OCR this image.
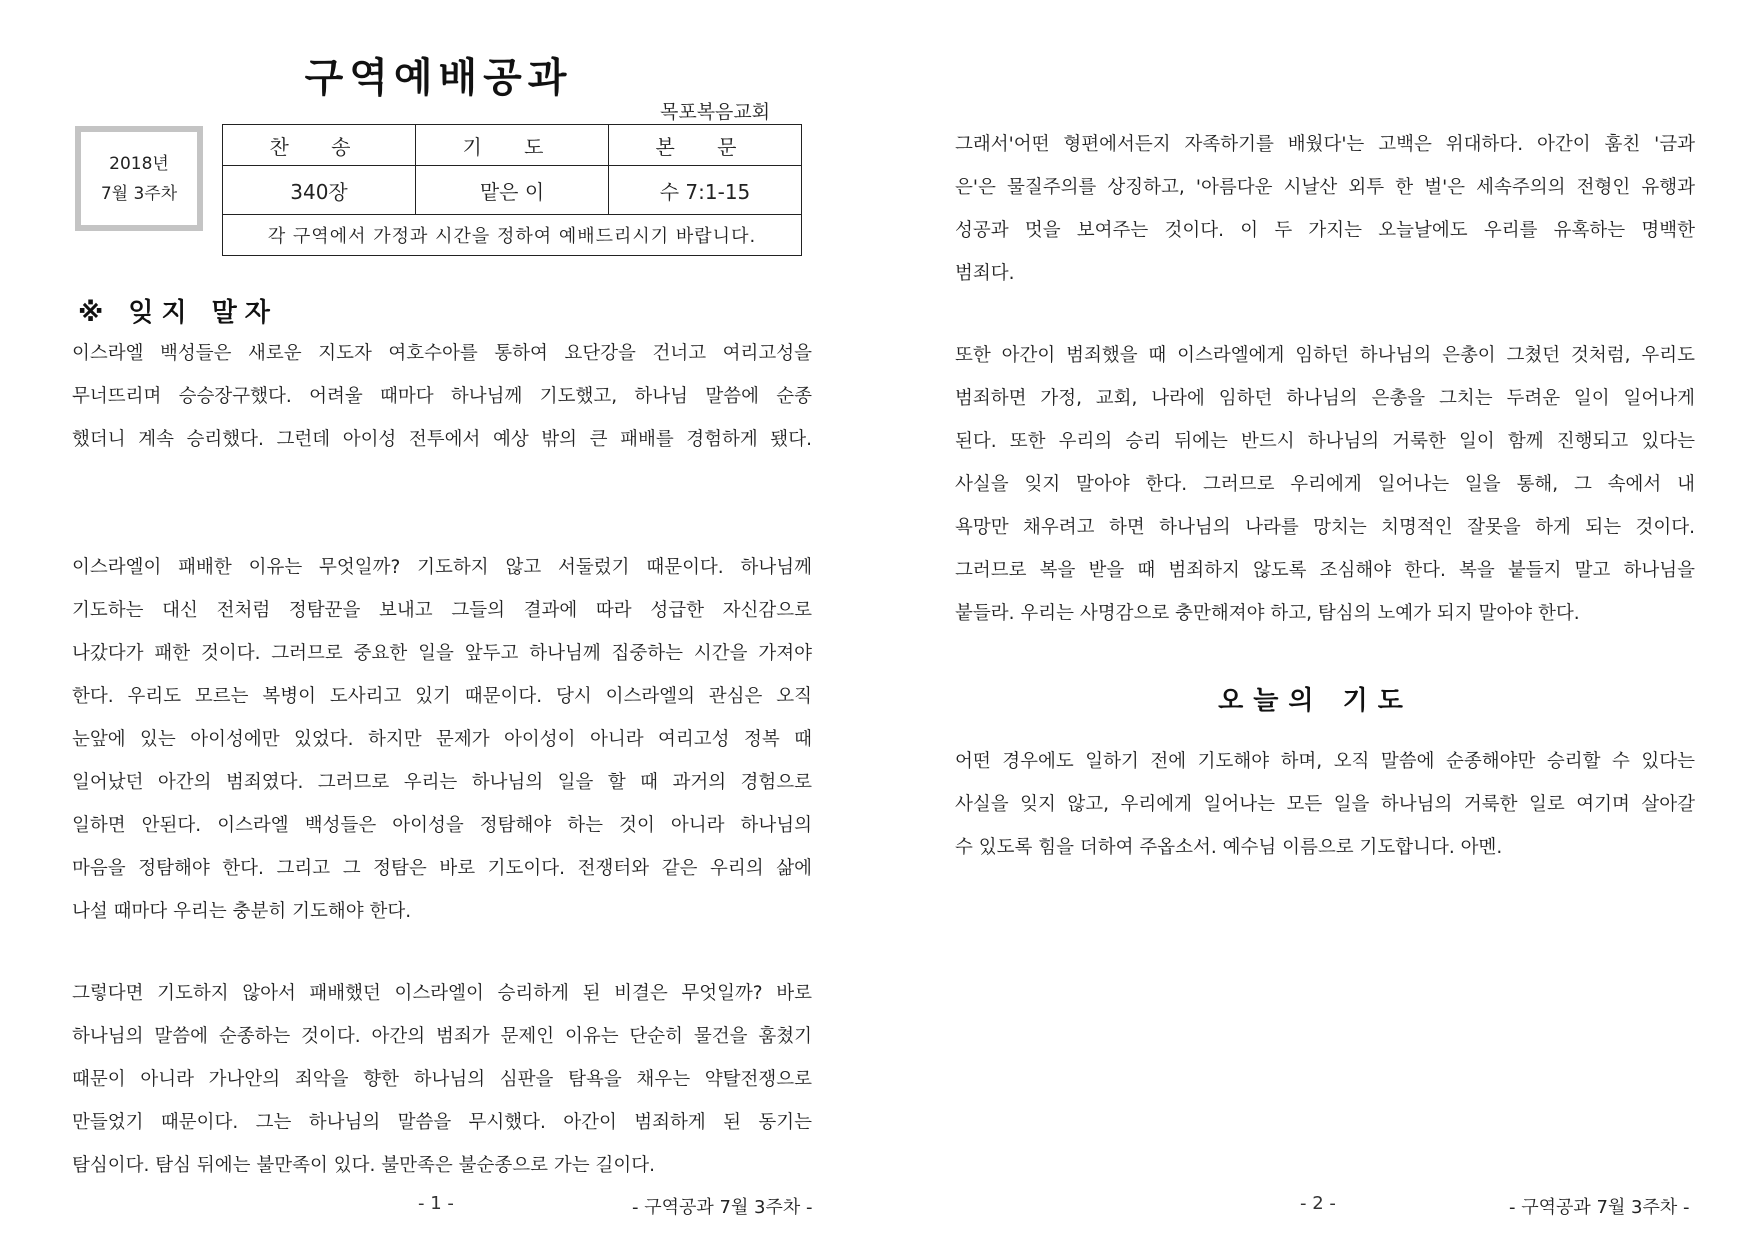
구역예배공과
목포복음교회
2018년
7월 3주차
찬 송	기 도	본 문
340장	맡은 이	수 7:1-15
각 구역에서 가정과 시간을 정하여 예배드리시기 바랍니다.		
※ 잊지 말자
이스라엘 백성들은 새로운 지도자 여호수아를 통하여 요단강을 건너고 여리고성을
무너뜨리며 승승장구했다. 어려울 때마다 하나님께 기도했고, 하나님 말씀에 순종
했더니 계속 승리했다. 그런데 아이성 전투에서 예상 밖의 큰 패배를 경험하게 됐다.
이스라엘이 패배한 이유는 무엇일까? 기도하지 않고 서둘렀기 때문이다. 하나님께
기도하는 대신 전처럼 정탐꾼을 보내고 그들의 결과에 따라 성급한 자신감으로
나갔다가 패한 것이다. 그러므로 중요한 일을 앞두고 하나님께 집중하는 시간을 가져야
한다. 우리도 모르는 복병이 도사리고 있기 때문이다. 당시 이스라엘의 관심은 오직
눈앞에 있는 아이성에만 있었다. 하지만 문제가 아이성이 아니라 여리고성 정복 때
일어났던 아간의 범죄였다. 그러므로 우리는 하나님의 일을 할 때 과거의 경험으로
일하면 안된다. 이스라엘 백성들은 아이성을 정탐해야 하는 것이 아니라 하나님의
마음을 정탐해야 한다. 그리고 그 정탐은 바로 기도이다. 전쟁터와 같은 우리의 삶에
나설 때마다 우리는 충분히 기도해야 한다.
그렇다면 기도하지 않아서 패배했던 이스라엘이 승리하게 된 비결은 무엇일까? 바로
하나님의 말씀에 순종하는 것이다. 아간의 범죄가 문제인 이유는 단순히 물건을 훔쳤기
때문이 아니라 가나안의 죄악을 향한 하나님의 심판을 탐욕을 채우는 약탈전쟁으로
만들었기 때문이다. 그는 하나님의 말씀을 무시했다. 아간이 범죄하게 된 동기는
탐심이다. 탐심 뒤에는 불만족이 있다. 불만족은 불순종으로 가는 길이다.
- 1 -	- 구역공과 7월 3주차 -
그래서'어떤 형편에서든지 자족하기를 배웠다'는 고백은 위대하다. 아간이 훔친 '금과
은'은 물질주의를 상징하고, '아름다운 시날산 외투 한 벌'은 세속주의의 전형인 유행과
성공과 멋을 보여주는 것이다. 이 두 가지는 오늘날에도 우리를 유혹하는 명백한
범죄다.
또한 아간이 범죄했을 때 이스라엘에게 임하던 하나님의 은총이 그쳤던 것처럼, 우리도
범죄하면 가정, 교회, 나라에 임하던 하나님의 은총을 그치는 두려운 일이 일어나게
된다. 또한 우리의 승리 뒤에는 반드시 하나님의 거룩한 일이 함께 진행되고 있다는
사실을 잊지 말아야 한다. 그러므로 우리에게 일어나는 일을 통해, 그 속에서 내
욕망만 채우려고 하면 하나님의 나라를 망치는 치명적인 잘못을 하게 되는 것이다.
그러므로 복을 받을 때 범죄하지 않도록 조심해야 한다. 복을 붙들지 말고 하나님을
붙들라. 우리는 사명감으로 충만해져야 하고, 탐심의 노예가 되지 말아야 한다.
오늘의 기도
어떤 경우에도 일하기 전에 기도해야 하며, 오직 말씀에 순종해야만 승리할 수 있다는
사실을 잊지 않고, 우리에게 일어나는 모든 일을 하나님의 거룩한 일로 여기며 살아갈
수 있도록 힘을 더하여 주옵소서. 예수님 이름으로 기도합니다. 아멘.
- 2 -	- 구역공과 7월 3주차 -
